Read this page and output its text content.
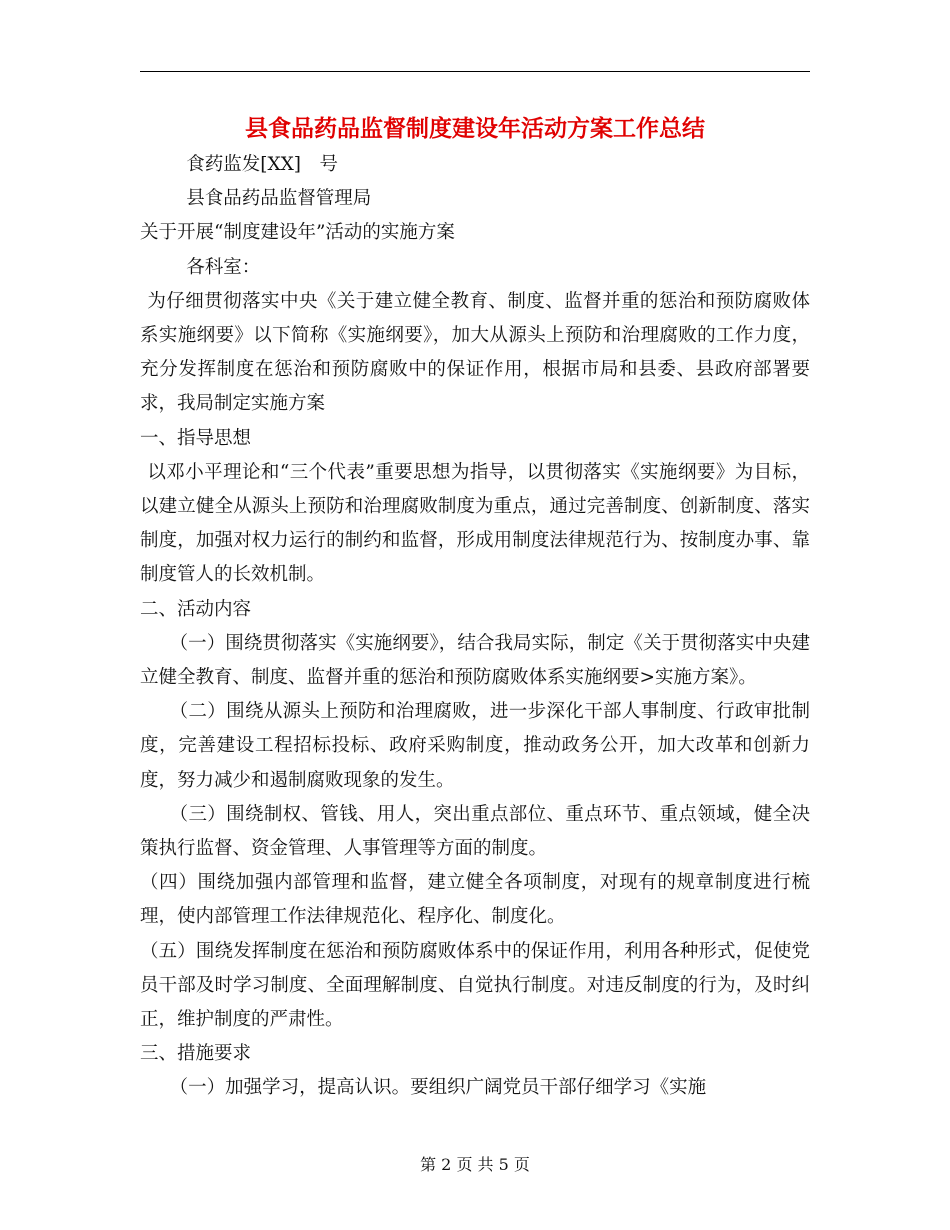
县食品药品监督制度建设年活动方案工作总结

食药监发[XX]　号

县食品药品监督管理局

关于开展“制度建设年”活动的实施方案

各科室：

为仔细贯彻落实中央《关于建立健全教育、制度、监督并重的惩治和预防腐败体系实施纲要》以下简称《实施纲要》，加大从源头上预防和治理腐败的工作力度，充分发挥制度在惩治和预防腐败中的保证作用，根据市局和县委、县政府部署要求，我局制定实施方案

一、指导思想

以邓小平理论和“三个代表”重要思想为指导，以贯彻落实《实施纲要》为目标，以建立健全从源头上预防和治理腐败制度为重点，通过完善制度、创新制度、落实制度，加强对权力运行的制约和监督，形成用制度法律规范行为、按制度办事、靠制度管人的长效机制。

二、活动内容

（一）围绕贯彻落实《实施纲要》，结合我局实际，制定《关于贯彻落实中央建立健全教育、制度、监督并重的惩治和预防腐败体系实施纲要>实施方案》。

（二）围绕从源头上预防和治理腐败，进一步深化干部人事制度、行政审批制度，完善建设工程招标投标、政府采购制度，推动政务公开，加大改革和创新力度，努力减少和遏制腐败现象的发生。

（三）围绕制权、管钱、用人，突出重点部位、重点环节、重点领域，健全决策执行监督、资金管理、人事管理等方面的制度。

（四）围绕加强内部管理和监督，建立健全各项制度，对现有的规章制度进行梳理，使内部管理工作法律规范化、程序化、制度化。

（五）围绕发挥制度在惩治和预防腐败体系中的保证作用，利用各种形式，促使党员干部及时学习制度、全面理解制度、自觉执行制度。对违反制度的行为，及时纠正，维护制度的严肃性。

三、措施要求

（一）加强学习，提高认识。要组织广阔党员干部仔细学习《实施

第 2 页 共 5 页
